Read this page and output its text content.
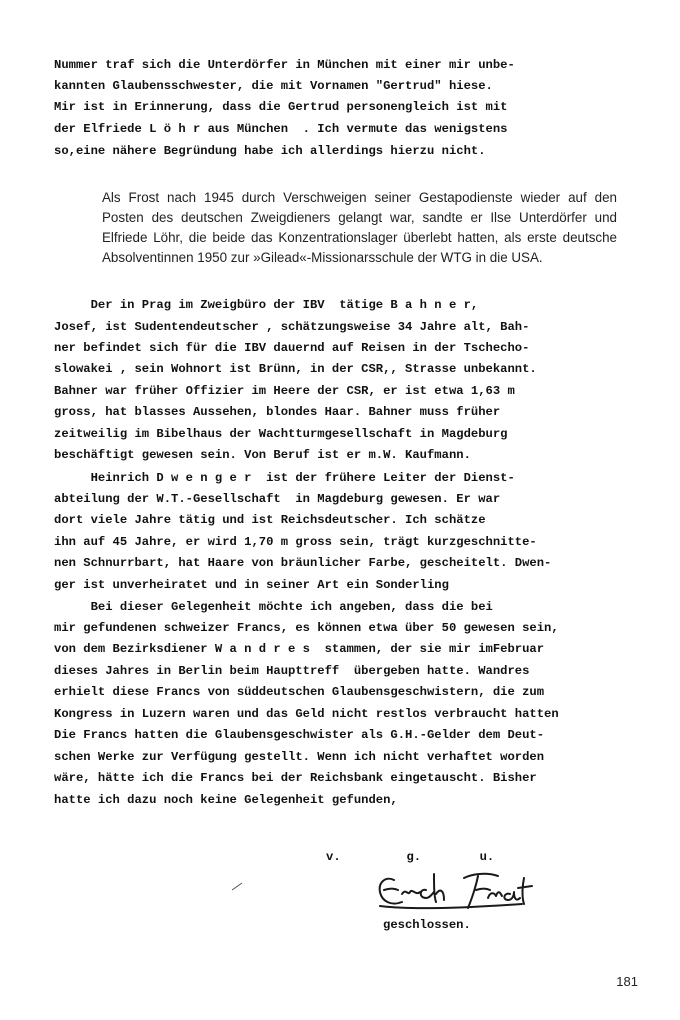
Nummer traf sich die Unterdörfer in München mit einer mir unbe-
kannten Glaubensschwester, die mit Vornamen "Gertrud" hiese.
Mir ist in Erinnerung, dass die Gertrud personengleich ist mit
der Elfriede L ö h r aus München  . Ich vermute das wenigstens
so,eine nähere Begründung habe ich allerdings hierzu nicht.
Als Frost nach 1945 durch Verschweigen seiner Gestapodienste wieder auf den Posten des deutschen Zweigdieners gelangt war, sandte er Ilse Unterdörfer und Elfriede Löhr, die beide das Konzentrationslager überlebt hatten, als erste deutsche Absolventinnen 1950 zur »Gilead«-Missionarsschule der WTG in die USA.
Der in Prag im Zweigbüro der IBV  tätige B a h n e r,
Josef, ist Sudentendeutscher , schätzungsweise 34 Jahre alt, Bah-
ner befindet sich für die IBV dauernd auf Reisen in der Tschecho-
slowakei , sein Wohnort ist Brünn, in der CSR,, Strasse unbekannt.
Bahner war früher Offizier im Heere der CSR, er ist etwa 1,63 m
gross, hat blasses Aussehen, blondes Haar. Bahner muss früher
zeitweilig im Bibelhaus der Wachtturmgesellschaft in Magdeburg
beschäftigt gewesen sein. Von Beruf ist er m.W. Kaufmann.
Heinrich D w e n g e r  ist der frühere Leiter der Dienst-
abteilung der W.T.-Gesellschaft  in Magdeburg gewesen. Er war
dort viele Jahre tätig und ist Reichsdeutscher. Ich schätze
ihn auf 45 Jahre, er wird 1,70 m gross sein, trägt kurzgeschnitte-
nen Schnurrbart, hat Haare von bräunlicher Farbe, gescheitelt. Dwen-
ger ist unverheiratet und in seiner Art ein Sonderling
Bei dieser Gelegenheit möchte ich angeben, dass die bei
mir gefundenen schweizer Francs, es können etwa über 50 gewesen sein,
von dem Bezirksdiener W a n d r e s  stammen, der sie mir imFebruar
dieses Jahres in Berlin beim Haupttreff  übergeben hatte. Wandres
erhielt diese Francs von süddeutschen Glaubensgeschwistern, die zum
Kongress in Luzern waren und das Geld nicht restlos verbraucht hatten
Die Francs hatten die Glaubensgeschwister als G.H.-Gelder dem Deut-
schen Werke zur Verfügung gestellt. Wenn ich nicht verhaftet worden
wäre, hätte ich die Francs bei der Reichsbank eingetauscht. Bisher
hatte ich dazu noch keine Gelegenheit gefunden,
v.         g.        u.
geschlossen.
181
